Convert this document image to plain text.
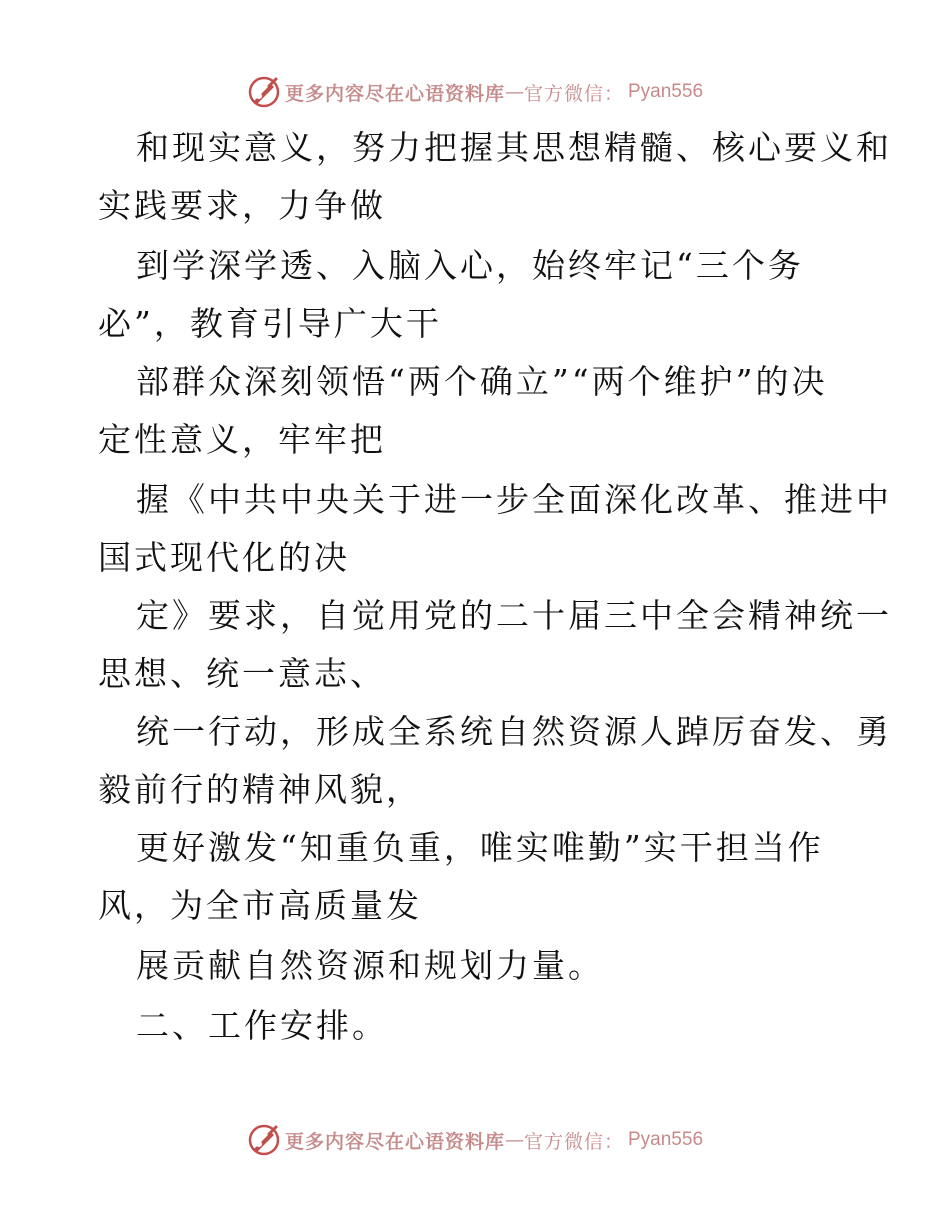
更多内容尽在心语资料库 — 官方微信： Pyan556
和现实意义，努力把握其思想精髓、核心要义和
实践要求，力争做
到学深学透、入脑入心，始终牢记“三个务
必”，教育引导广大干
部群众深刻领悟“两个确立”“两个维护”的决
定性意义，牢牢把
握《中共中央关于进一步全面深化改革、推进中
国式现代化的决
定》要求，自觉用党的二十届三中全会精神统一
思想、统一意志、
统一行动，形成全系统自然资源人踔厉奋发、勇
毅前行的精神风貌，
更好激发“知重负重，唯实唯勤”实干担当作
风，为全市高质量发
展贡献自然资源和规划力量。
二、工作安排。
更多内容尽在心语资料库 — 官方微信： Pyan556
